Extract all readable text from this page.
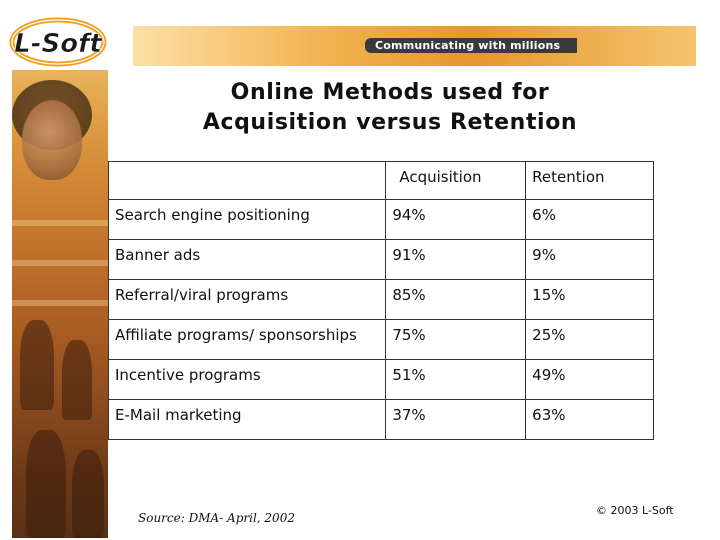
L-Soft	Communicating with millions
Online Methods used for
Acquisition versus Retention
	Acquisition	Retention
Search engine positioning	94%	6%
Banner ads	91%	9%
Referral/viral programs	85%	15%
Affiliate programs/ sponsorships	75%	25%
Incentive programs	51%	49%
E-Mail marketing	37%	63%
Source: DMA- April, 2002
© 2003 L-Soft
